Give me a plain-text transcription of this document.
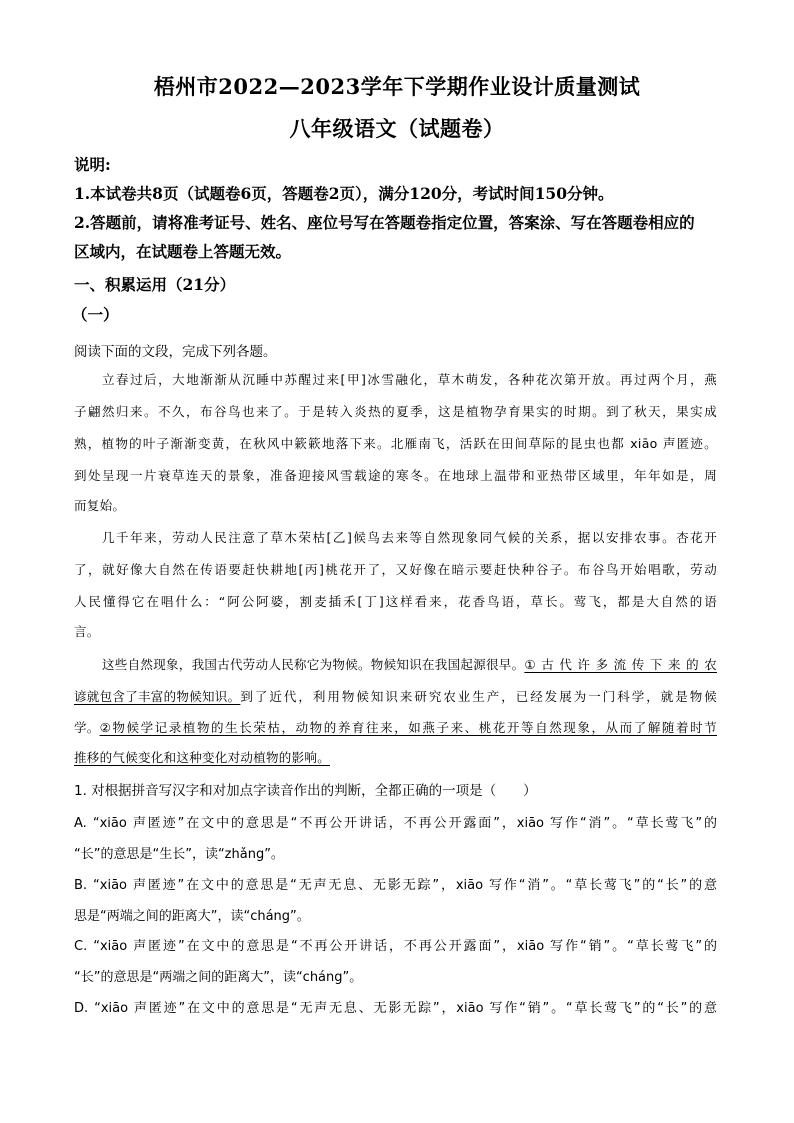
梧州市2022—2023学年下学期作业设计质量测试
八年级语文（试题卷）
说明:
1.本试卷共8页（试题卷6页，答题卷2页），满分120分，考试时间150分钟。
2.答题前，请将准考证号、姓名、座位号写在答题卷指定位置，答案涂、写在答题卷相应的
区域内，在试题卷上答题无效。
一、积累运用（21分）
（一）
阅读下面的文段，完成下列各题。
立春过后，大地渐渐从沉睡中苏醒过来[甲]冰雪融化，草木萌发，各种花次第开放。再过两个月，燕
子翩然归来。不久，布谷鸟也来了。于是转入炎热的夏季，这是植物孕育果实的时期。到了秋天，果实成
熟，植物的叶子渐渐变黄，在秋风中簌簌地落下来。北雁南飞，活跃在田间草际的昆虫也都 xiāo 声匿迹。
到处呈现一片衰草连天的景象，准备迎接风雪载途的寒冬。在地球上温带和亚热带区域里，年年如是，周
而复始。
几千年来，劳动人民注意了草木荣枯[乙]候鸟去来等自然现象同气候的关系，据以安排农事。杏花开
了，就好像大自然在传语要赶快耕地[丙]桃花开了，又好像在暗示要赶快种谷子。布谷鸟开始唱歌，劳动
人民懂得它在唱什么：“阿公阿婆，割麦插禾[丁]这样看来，花香鸟语，草长。莺飞，都是大自然的语
言。
这些自然现象，我国古代劳动人民称它为物候。物候知识在我国起源很早。 ①古代许多流传下来的农
谚就包含了丰富的物候知识。 到了近代，利用物候知识来研究农业生产，已经发展为一门科学，就是物候
学。 ②物候学记录植物的生长荣枯，动物的养育往来，如燕子来、桃花开等自然现象，从而了解随着时节
推移的气候变化和这种变化对动植物的影响。
1. 对根据拼音写汉字和对加点字读音作出的判断，全都正确的一项是（　　）
A. “xiāo 声匿迹”在文中的意思是“不再公开讲话，不再公开露面”，xiāo 写作“消”。“草长莺飞”的
“长”的意思是“生长”，读“zhǎng”。
B. “xiāo 声匿迹”在文中的意思是“无声无息、无影无踪”，xiāo 写作“消”。“草长莺飞”的“长”的意
思是“两端之间的距离大”，读“cháng”。
C. “xiāo 声匿迹”在文中的意思是“不再公开讲话，不再公开露面”，xiāo 写作“销”。“草长莺飞”的
“长”的意思是“两端之间的距离大”，读“cháng”。
D. “xiāo 声匿迹”在文中的意思是“无声无息、无影无踪”，xiāo 写作“销”。“草长莺飞”的“长”的意
